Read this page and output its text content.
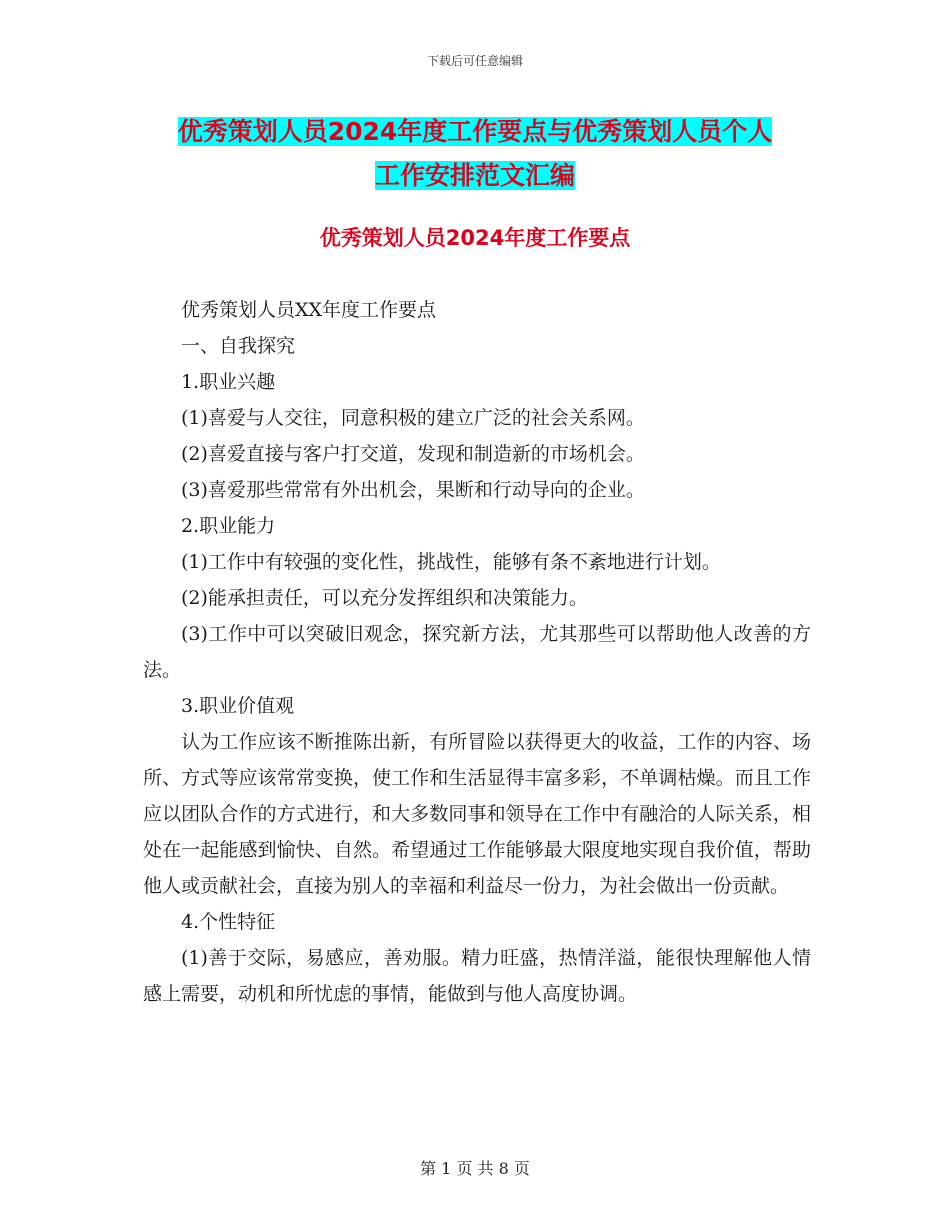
下载后可任意编辑
优秀策划人员2024年度工作要点与优秀策划人员个人
工作安排范文汇编
优秀策划人员2024年度工作要点

优秀策划人员XX年度工作要点

一、自我探究

1.职业兴趣

(1)喜爱与人交往，同意积极的建立广泛的社会关系网。

(2)喜爱直接与客户打交道，发现和制造新的市场机会。

(3)喜爱那些常常有外出机会，果断和行动导向的企业。

2.职业能力

(1)工作中有较强的变化性，挑战性，能够有条不紊地进行计划。

(2)能承担责任，可以充分发挥组织和决策能力。

(3)工作中可以突破旧观念，探究新方法，尤其那些可以帮助他人改善的方法。

3.职业价值观

认为工作应该不断推陈出新，有所冒险以获得更大的收益，工作的内容、场所、方式等应该常常变换，使工作和生活显得丰富多彩，不单调枯燥。而且工作应以团队合作的方式进行，和大多数同事和领导在工作中有融洽的人际关系，相处在一起能感到愉快、自然。希望通过工作能够最大限度地实现自我价值，帮助他人或贡献社会，直接为别人的幸福和利益尽一份力，为社会做出一份贡献。

4.个性特征

(1)善于交际，易感应，善劝服。精力旺盛，热情洋溢，能很快理解他人情感上需要，动机和所忧虑的事情，能做到与他人高度协调。

第 1 页 共 8 页
